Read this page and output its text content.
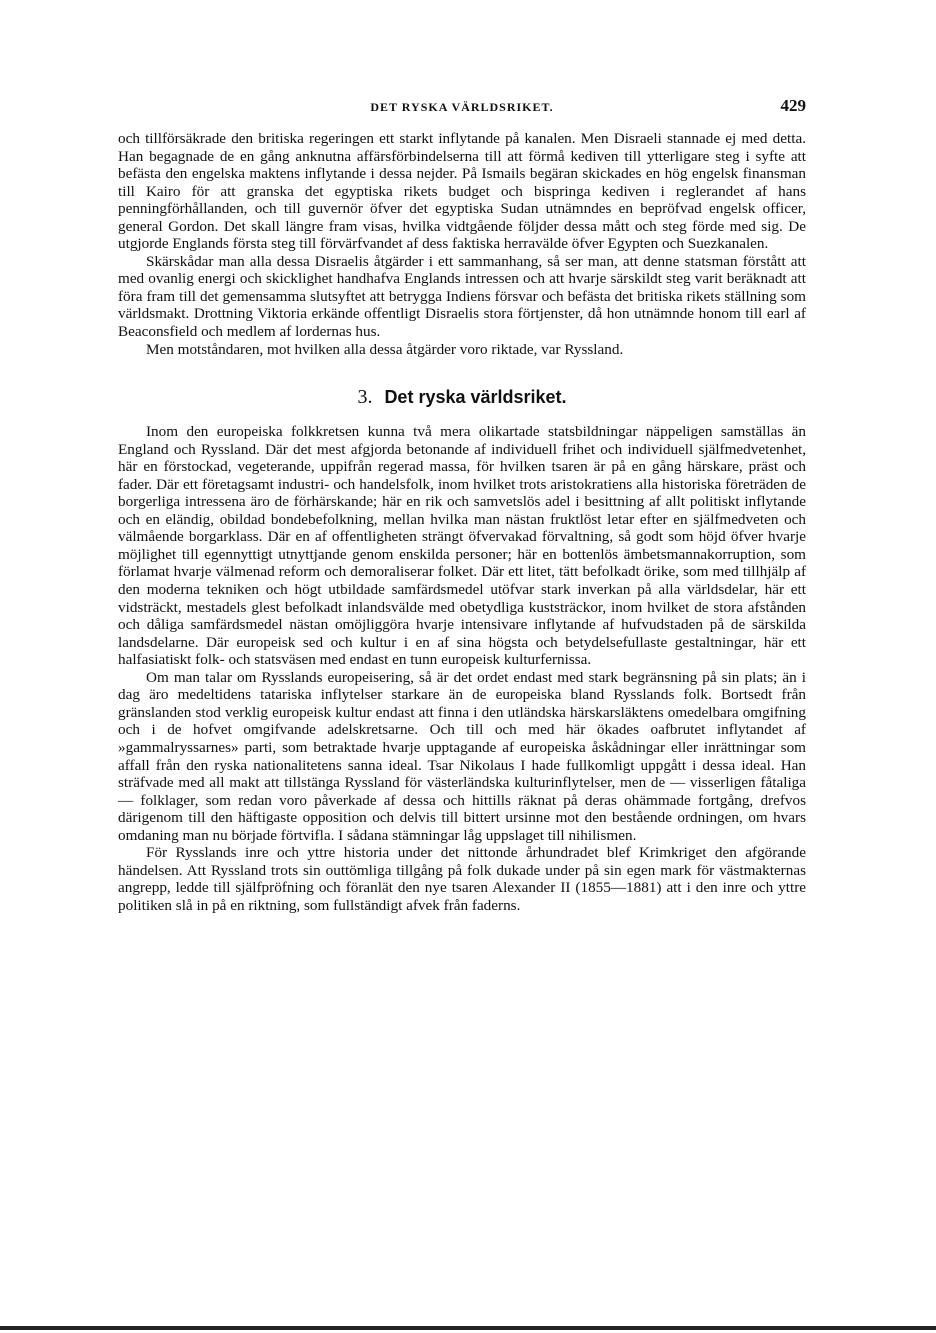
DET RYSKA VÄRLDSRIKET.	429

och tillförsäkrade den britiska regeringen ett starkt inflytande på kanalen. Men Disraeli stannade ej med detta. Han begagnade de en gång anknutna affärsförbindelserna till att förmå kediven till ytterligare steg i syfte att befästa den engelska maktens inflytande i dessa nejder. På Ismails begäran skickades en hög engelsk finansman till Kairo för att granska det egyptiska rikets budget och bispringa kediven i reglerandet af hans penningförhållanden, och till guvernör öfver det egyptiska Sudan utnämndes en bepröfvad engelsk officer, general Gordon. Det skall längre fram visas, hvilka vidtgående följder dessa mått och steg förde med sig. De utgjorde Englands första steg till förvärfvandet af dess faktiska herravälde öfver Egypten och Suezkanalen.

Skärskådar man alla dessa Disraelis åtgärder i ett sammanhang, så ser man, att denne statsman förstått att med ovanlig energi och skicklighet handhafva Englands intressen och att hvarje särskildt steg varit beräknadt att föra fram till det gemensamma slutsyftet att betrygga Indiens försvar och befästa det britiska rikets ställning som världsmakt. Drottning Viktoria erkände offentligt Disraelis stora förtjenster, då hon utnämnde honom till earl af Beaconsfield och medlem af lordernas hus.

Men motståndaren, mot hvilken alla dessa åtgärder voro riktade, var Ryssland.

3. Det ryska världsriket.

Inom den europeiska folkkretsen kunna två mera olikartade statsbildningar näppeligen samställas än England och Ryssland. Där det mest afgjorda betonande af individuell frihet och individuell själfmedvetenhet, här en förstockad, vegeterande, uppifrån regerad massa, för hvilken tsaren är på en gång härskare, präst och fader. Där ett företagsamt industri- och handelsfolk, inom hvilket trots aristokratiens alla historiska företräden de borgerliga intressena äro de förhärskande; här en rik och samvetslös adel i besittning af allt politiskt inflytande och en eländig, obildad bondebefolkning, mellan hvilka man nästan fruktlöst letar efter en själfmedveten och välmående borgarklass. Där en af offentligheten strängt öfvervakad förvaltning, så godt som höjd öfver hvarje möjlighet till egennyttigt utnyttjande genom enskilda personer; här en bottenlös ämbetsmannakorruption, som förlamat hvarje välmenad reform och demoraliserar folket. Där ett litet, tätt befolkadt örike, som med tillhjälp af den moderna tekniken och högt utbildade samfärdsmedel utöfvar stark inverkan på alla världsdelar, här ett vidsträckt, mestadels glest befolkadt inlandsvälde med obetydliga kuststräckor, inom hvilket de stora afstånden och dåliga samfärdsmedel nästan omöjliggöra hvarje intensivare inflytande af hufvudstaden på de särskilda landsdelarne. Där europeisk sed och kultur i en af sina högsta och betydelsefullaste gestaltningar, här ett halfasiatiskt folk- och statsväsen med endast en tunn europeisk kulturfernissa.

Om man talar om Rysslands europeisering, så är det ordet endast med stark begränsning på sin plats; än i dag äro medeltidens tatariska inflytelser starkare än de europeiska bland Rysslands folk. Bortsedt från gränslanden stod verklig europeisk kultur endast att finna i den utländska härskarsläktens omedelbara omgifning och i de hofvet omgifvande adelskretsarne. Och till och med här ökades oafbrutet inflytandet af »gammalryssarnes» parti, som betraktade hvarje upptagande af europeiska åskådningar eller inrättningar som affall från den ryska nationalitetens sanna ideal. Tsar Nikolaus I hade fullkomligt uppgått i dessa ideal. Han sträfvade med all makt att tillstänga Ryssland för västerländska kulturinflytelser, men de — visserligen fåtaliga — folklager, som redan voro påverkade af dessa och hittills räknat på deras ohämmade fortgång, drefvos därigenom till den häftigaste opposition och delvis till bittert ursinne mot den bestående ordningen, om hvars omdaning man nu började förtvifla. I sådana stämningar låg uppslaget till nihilismen.

För Rysslands inre och yttre historia under det nittonde århundradet blef Krimkriget den afgörande händelsen. Att Ryssland trots sin outtömliga tillgång på folk dukade under på sin egen mark för västmakternas angrepp, ledde till själfpröfning och föranlät den nye tsaren Alexander II (1855—1881) att i den inre och yttre politiken slå in på en riktning, som fullständigt afvek från faderns.
